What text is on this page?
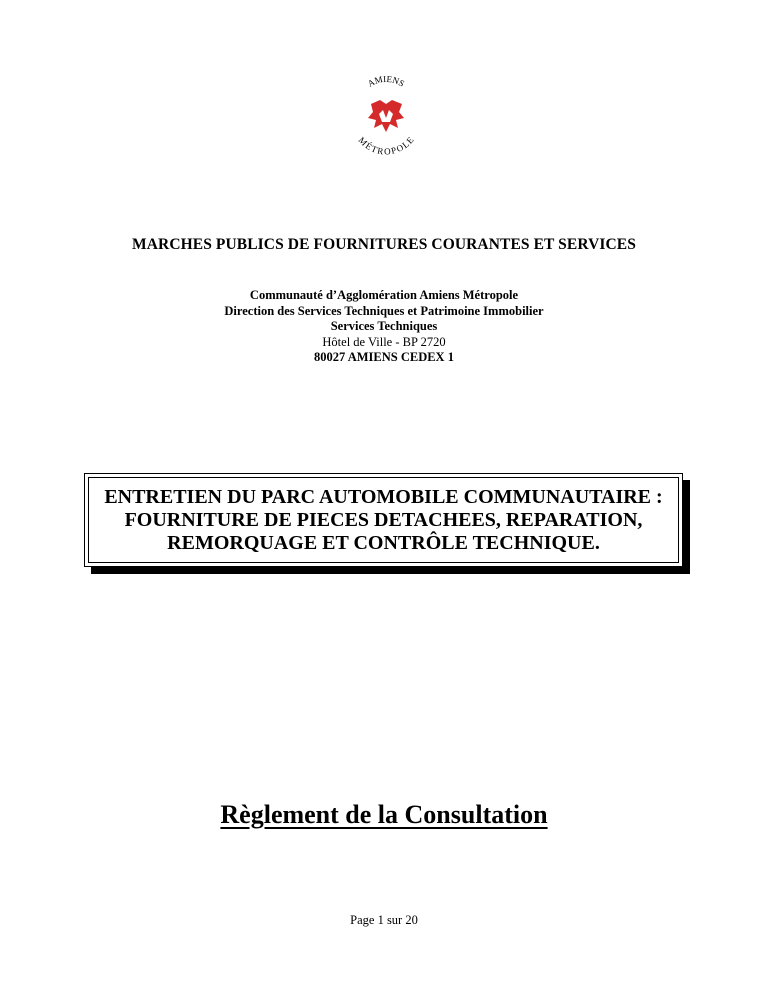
AMIENS
MÉTROPOLE
MARCHES PUBLICS DE FOURNITURES COURANTES ET SERVICES
Communauté d’Agglomération Amiens Métropole
Direction des Services Techniques et Patrimoine Immobilier
Services Techniques
Hôtel de Ville - BP 2720
80027 AMIENS CEDEX 1
ENTRETIEN DU PARC AUTOMOBILE COMMUNAUTAIRE :
FOURNITURE DE PIECES DETACHEES, REPARATION,
REMORQUAGE ET CONTRÔLE TECHNIQUE.
Règlement de la Consultation
Page 1 sur 20
